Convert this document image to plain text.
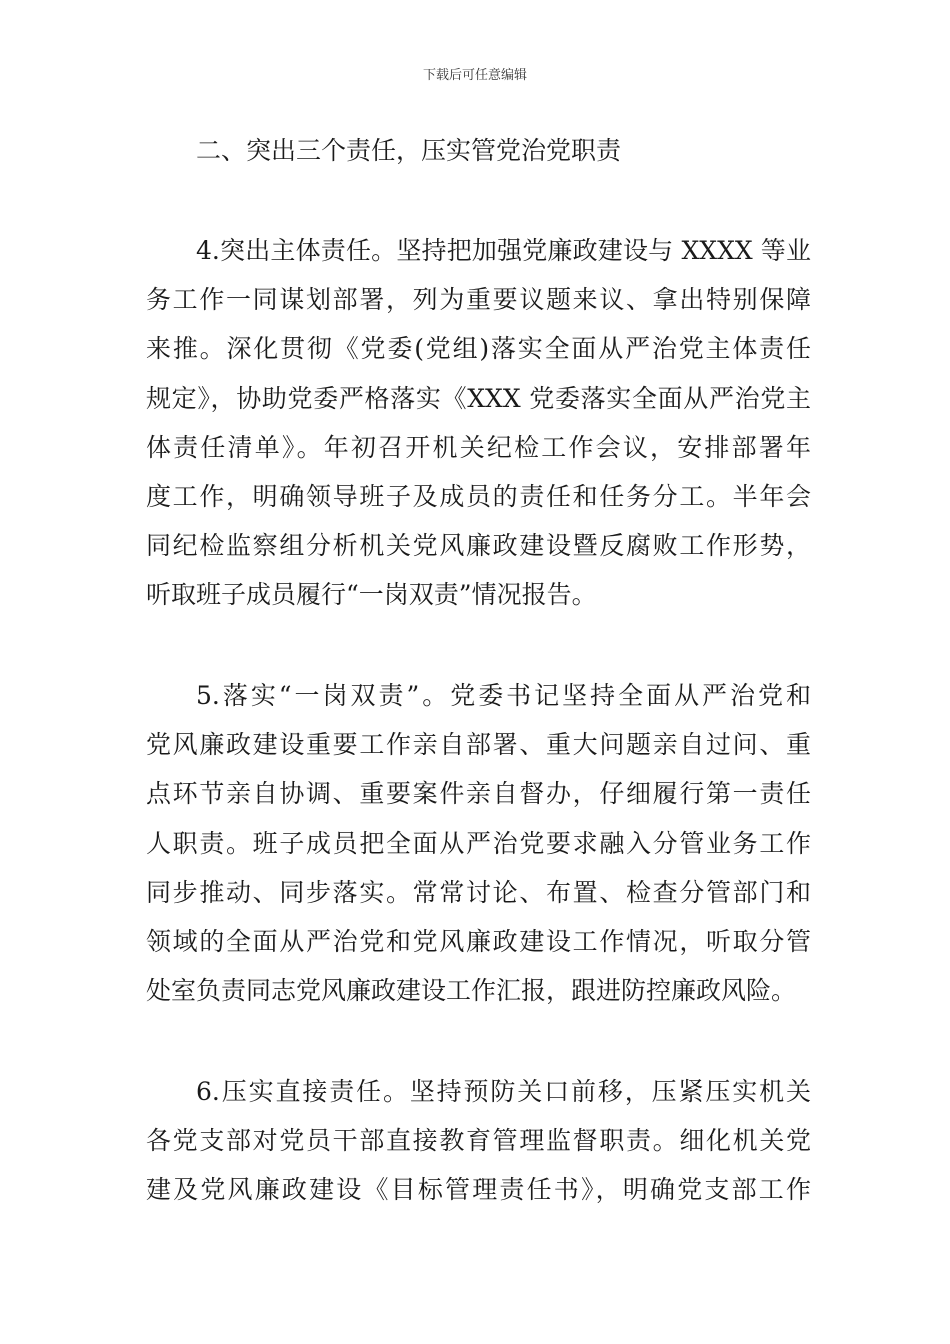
下载后可任意编辑
二、突出三个责任，压实管党治党职责
4.突出主体责任。坚持把加强党廉政建设与 XXXX 等业
务工作一同谋划部署，列为重要议题来议、拿出特别保障
来推。深化贯彻《党委(党组)落实全面从严治党主体责任
规定》，协助党委严格落实《XXX 党委落实全面从严治党主
体责任清单》。年初召开机关纪检工作会议，安排部署年
度工作，明确领导班子及成员的责任和任务分工。半年会
同纪检监察组分析机关党风廉政建设暨反腐败工作形势，
听取班子成员履行“一岗双责”情况报告。
5.落实“一岗双责”。党委书记坚持全面从严治党和
党风廉政建设重要工作亲自部署、重大问题亲自过问、重
点环节亲自协调、重要案件亲自督办，仔细履行第一责任
人职责。班子成员把全面从严治党要求融入分管业务工作
同步推动、同步落实。常常讨论、布置、检查分管部门和
领域的全面从严治党和党风廉政建设工作情况，听取分管
处室负责同志党风廉政建设工作汇报，跟进防控廉政风险。
6.压实直接责任。坚持预防关口前移，压紧压实机关
各党支部对党员干部直接教育管理监督职责。细化机关党
建及党风廉政建设《目标管理责任书》，明确党支部工作
